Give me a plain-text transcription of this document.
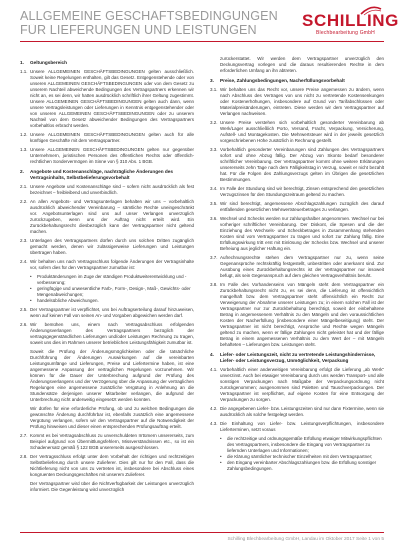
ALLGEMEINE GESCHÄFTSBEDINGUNGEN
FÜR LIEFERUNGEN UND LEISTUNGEN	SCHILLING
Blechbearbeitung GmbH
1.	Geltungsbereich
1.1. Unsere ALLGEMEINEN GESCHÄFTSBEDINGUNGEN gelten ausschließlich. Soweit keine Regelungen enthalten, gilt das Gesetz. Entgegenstehende oder von unseren ALLGEMEINEN GESCHÄFTSBEDINGUNGEN oder von dem Gesetz zu unserem Nachteil abweichende Bedingungen des Vertragspartners erkennen wir nicht an, es sei denn, wir hatten ausdrücklich schriftlich ihrer Geltung zugestimmt. Unsere ALLGEMEINEN GESCHÄFTSBEDINGUNGEN gelten auch dann, wenn unsere Vertragsleistungen oder Lieferungen in Kenntnis entgegenstehender oder von unseren ALLGEMEINEN GESCHÄFTSBEDINGUNGEN oder zu unserem Nachteil von dem Gesetz abweichender Bedingungen des Vertragspartners vorbehaltlos erbracht werden.
1.2. Unsere ALLGEMEINEN GESCHÄFTSBEDINGUNGEN gelten auch für alle künftigen Geschäfte mit dem Vertragspartner.
1.3. Unsere ALLGEMEINEN GESCHÄFTSBEDINGUNGEN gelten nur gegenüber Unternehmern, juristischen Personen des öffentlichen Rechts oder öffentlich-rechtlichen Sondervermögen im Sinne von § 310 Abs. 1 BGB.
2.	Angebote und Kostenanschläge, nachträgliche Änderungen des Vertragsinhalts, Selbstbelieferungsvorbehalt
2.1. Unsere Angebote und Kostenanschläge sind – sofern nicht ausdrücklich als fest bezeichnet – freibleibend und unverbindlich.
2.2. An allen Angebots- und Vertragsunterlagen behalten wir uns – vorbehaltlich ausdrücklich abweichender Vereinbarung – sämtliche Rechte uneingeschränkt vor. Angebotsunterlagen sind uns auf unser Verlangen unverzüglich zurückzugeben, wenn uns der Auftrag nicht erteilt wird. Ein Zurückbehaltungsrecht diesbezüglich kann der Vertragspartner nicht geltend machen.
2.3. Unterlagen des Vertragspartners dürfen durch uns solchen Dritten zugänglich gemacht werden, denen wir zulässigerweise Lieferungen und Leistungen übertragen haben.
2.4. Wir behalten uns nach Vertragsschluss folgende Änderungen der Vertragsinhalte vor, sofern dies für den Vertragspartner zumutbar ist:
•	Produktänderungen im Zuge der ständigen Produktweiterentwicklung und -verbesserung;
•	geringfügige und unwesentliche Farb-, Form-, Design-, Maß-, Gewichts- oder Mengenabweichungen;
•	handelsübliche Abweichungen.
2.5. Der Vertragspartner ist verpflichtet, uns bei Auftragserteilung darauf hinzuweisen, wenn auf keinen Fall von seinen An- und Vorgaben abgewichen werden darf.
2.6. Wir bemühen uns, einem nach Vertragsabschluss erfolgenden Änderungsverlangen des Vertragspartners bezüglich der vertragsgegenständlichen Lieferungen und/oder Leistungen Rechnung zu tragen, soweit uns dies im Rahmen unserer betrieblichen Leistungsfähigkeit zumutbar ist.
Soweit die Prüfung der Änderungsmöglichkeiten oder die tatsächliche Durchführung der Änderungen Auswirkungen auf die vereinbarten Leistungsumfänge und Lieferungen, Preise und Liefertermine haben, ist eine angemessene Anpassung der vertraglichen Regelungen vorzunehmen. Wir können für die Dauer der Unterbrechung aufgrund der Prüfung des Änderungsverlangens und der Verzögerung über die Anpassung der vertraglichen Regelungen eine angemessene zusätzliche Vergütung in Anlehnung an die Stundensätze derjenigen unserer Mitarbeiter verlangen, die aufgrund der Unterbrechung nicht anderweitig eingesetzt werden konnten.
Wir dürfen für eine erforderliche Prüfung, ob und zu welchen Bedingungen die gewünschte Änderung durchführbar ist, ebenfalls zusätzlich eine angemessene Vergütung verlangen, sofern wir den Vertragspartner auf die Notwendigkeit der Prüfung hinweisen und dieser einen entsprechenden Prüfungsauftrag erteilt.
2.7. Kommt es bei Vertragsabschluss zu unverschuldeten Irrtümern unsererseits, zum Beispiel aufgrund von Übermittlungsfehlern, Missverständnissen etc., so ist ein Schadenersatz gemäß § 122 BGB unsererseits ausgeschlossen.
2.8. Der Vertragsschluss erfolgt unter dem Vorbehalt der richtigen und rechtzeitigen Selbstbelieferung durch unsere Zulieferer. Dies gilt nur für den Fall, dass die Nichtlieferung nicht von uns zu vertreten ist, insbesondere bei Abschluss eines kongruenten Deckungsgeschäftes mit unserem Zulieferer.
Der Vertragspartner wird über die Nichtverfügbarkeit der Leistungen unverzüglich informiert. Die Gegenleistung wird unverzüglich
zurückerstattet. Wir werden dem Vertragspartner unverzüglich den Deckungsvertrag vorlegen und die daraus resultierenden Rechte in dem erforderlichen Umfang an ihn abtreten.
3.	Preise, Zahlungsbedingungen, Nacherfüllungsvorbehalt
3.1. Wir behalten uns das Recht vor, unsere Preise angemessen zu ändern, wenn nach Abschluss des Vertrages von uns nicht zu vertretende Kostensenkungen oder Kostenerhöhungen, insbesondere auf Grund von Tarifabschlüssen oder Materialpreisänderungen, eintreten. Diese werden wir dem Vertragspartner auf Verlangen nachweisen.
3.2. Unsere Preise verstehen sich vorbehaltlich gesonderter Vereinbarung ab Werk/Lager ausschließlich Porto, Versand, Fracht, Verpackung, Versicherung, Aufstell- und Montagekosten. Die Mehrwertsteuer wird in der jeweils gesetzlich vorgeschriebenen Höhe zusätzlich in Rechnung gestellt.
3.3. Vorbehaltlich gesonderter Vereinbarungen sind Zahlungen des Vertragspartners sofort und ohne Abzug fällig. Der Abzug von Skonto bedarf besonderer schriftlicher Vereinbarung. Der Vertragspartner kommt ohne weitere Erklärungen unsererseits zehn Tage nach dem Fälligkeitstag in Verzug, soweit er nicht bezahlt hat. Für die Folgen des Zahlungsverzugs gelten im Übrigen die gesetzlichen Bestimmungen.
3.4. Im Falle der Stundung sind wir berechtigt, Zinsen entsprechend den gesetzlichen Verzugszinsen für den Stundungszeitraum geltend zu machen.
3.5. Wir sind berechtigt, angemessene Abschlagszahlungen zuzüglich des darauf entfallenden gesetzlichen Mehrwertsteuerbetrages zu verlangen.
3.6. Wechsel und Schecks werden nur zahlungshalber angenommen. Wechsel nur bei vorheriger schriftlicher Vereinbarung. Der Diskont, die Spesen und die der Einziehung des Wechsels- und Scheckbetrages in Zusammenhang stehenden Kosten sind vom Vertragspartner zu tragen und sofort zur Zahlung fällig. Eine Erfüllungswirkung tritt erst mit Einlösung der Schecks bzw. Wechsel und unserer Befreiung aus jeglicher Haftung ein.
3.7. Aufrechnungsrechte stehen dem Vertragspartner nur zu, wenn seine Gegenansprüche rechtskräftig festgestellt, unbestritten oder anerkannt sind. Zur Ausübung eines Zurückbehaltungsrechts ist der Vertragspartner nur insoweit befugt, als sein Gegenanspruch auf dem gleichen Vertragsverhältnis beruht.
3.8. Im Falle des Vorhandenseins von Mängeln steht dem Vertragspartner ein Zurückbehaltungsrecht nicht zu, es sei denn, die Lieferung ist offensichtlich mangelhaft bzw. dem Vertragspartner steht offensichtlich ein Recht zur Verweigerung der Abnahme unserer Leistungen zu; in einem solchen Fall ist der Vertragspartner nur zur Zurückbehaltung berechtigt, soweit der einbehaltene Betrag in angemessenem Verhältnis zu den Mängeln und den voraussichtlichen Kosten der Nacherfüllung (insbesondere einer Mängelbeseitigung) steht. Der Vertragspartner ist nicht berechtigt, Ansprüche und Rechte wegen Mängeln geltend zu machen, wenn er fällige Zahlungen nicht geleistet hat und der fällige Betrag in einem angemessenen Verhältnis zu dem Wert der – mit Mängeln behafteten – Lieferungen bzw. Leistungen steht.
4.	Liefer- oder Leistungszeit, nicht zu vertretende Leistungshindernisse, Liefer- oder Leistungsverzug, Unmöglichkeit, Verpackung
4.1. Vorbehaltlich einer anderweitigen Vereinbarung erfolgt die Lieferung „ab Werk“ unverzinst. Auch bei etwaiger Vereinbarung durch uns werden Transport- und alle sonstigen Verpackungen nach Maßgabe der Verpackungsordnung nicht zurückgenommen; ausgenommen sind Paletten und Tauschverpackungen. Der Vertragspartner ist verpflichtet, auf eigene Kosten für eine Entsorgung der Verpackungen zu sorgen.
4.2. Die angegebenen Liefer- bzw. Leistungszeiten sind nur dann Fixtermine, wenn sie ausdrücklich als solche festgelegt werden.
4.3. Die Einhaltung von Liefer- bzw. Leistungsverpflichtungen, insbesondere Lieferterminen, setzt voraus
•	die rechtzeitige und ordnungsgemäße Erfüllung etwaiger Mitwirkungspflichten des Vertragspartners, insbesondere die Eingang von Vertragspartner zu liefernden Unterlagen und Informationen;
•	die Klärung sämtlicher technischer Einzelheiten mit dem Vertragspartner;
•	den Eingang vereinbarter Abschlagszahlungen bzw. die Erfüllung sonstiger Zahlungsbedingungen.
Schilling Blechbearbeitung GmbH, Landau im Oktober 2017 Seite 1 von 5
